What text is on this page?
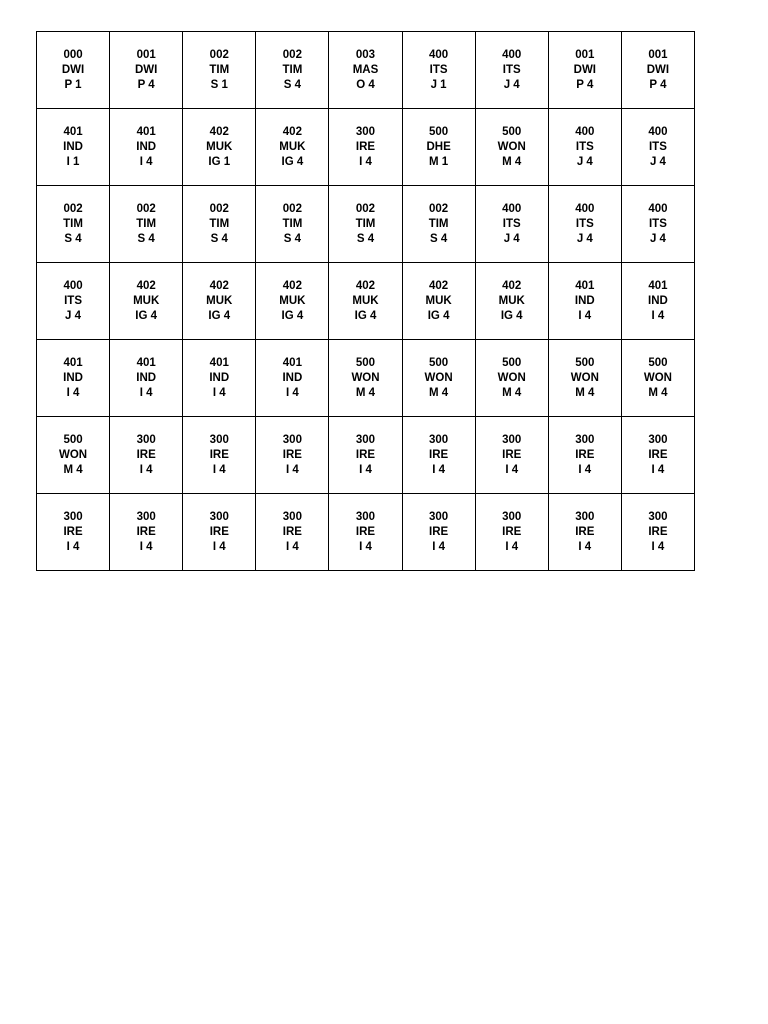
000
DWI
P 1	001
DWI
P 4	002
TIM
S 1	002
TIM
S 4	003
MAS
O 4	400
ITS
J 1	400
ITS
J 4	001
DWI
P 4	001
DWI
P 4

401
IND
I 1	401
IND
I 4	402
MUK
IG 1	402
MUK
IG 4	300
IRE
I 4	500
DHE
M 1	500
WON
M 4	400
ITS
J 4	400
ITS
J 4

002
TIM
S 4	002
TIM
S 4	002
TIM
S 4	002
TIM
S 4	002
TIM
S 4	002
TIM
S 4	400
ITS
J 4	400
ITS
J 4	400
ITS
J 4

400
ITS
J 4	402
MUK
IG 4	402
MUK
IG 4	402
MUK
IG 4	402
MUK
IG 4	402
MUK
IG 4	402
MUK
IG 4	401
IND
I 4	401
IND
I 4

401
IND
I 4	401
IND
I 4	401
IND
I 4	401
IND
I 4	500
WON
M 4	500
WON
M 4	500
WON
M 4	500
WON
M 4	500
WON
M 4

500
WON
M 4	300
IRE
I 4	300
IRE
I 4	300
IRE
I 4	300
IRE
I 4	300
IRE
I 4	300
IRE
I 4	300
IRE
I 4	300
IRE
I 4

300
IRE
I 4	300
IRE
I 4	300
IRE
I 4	300
IRE
I 4	300
IRE
I 4	300
IRE
I 4	300
IRE
I 4	300
IRE
I 4	300
IRE
I 4
